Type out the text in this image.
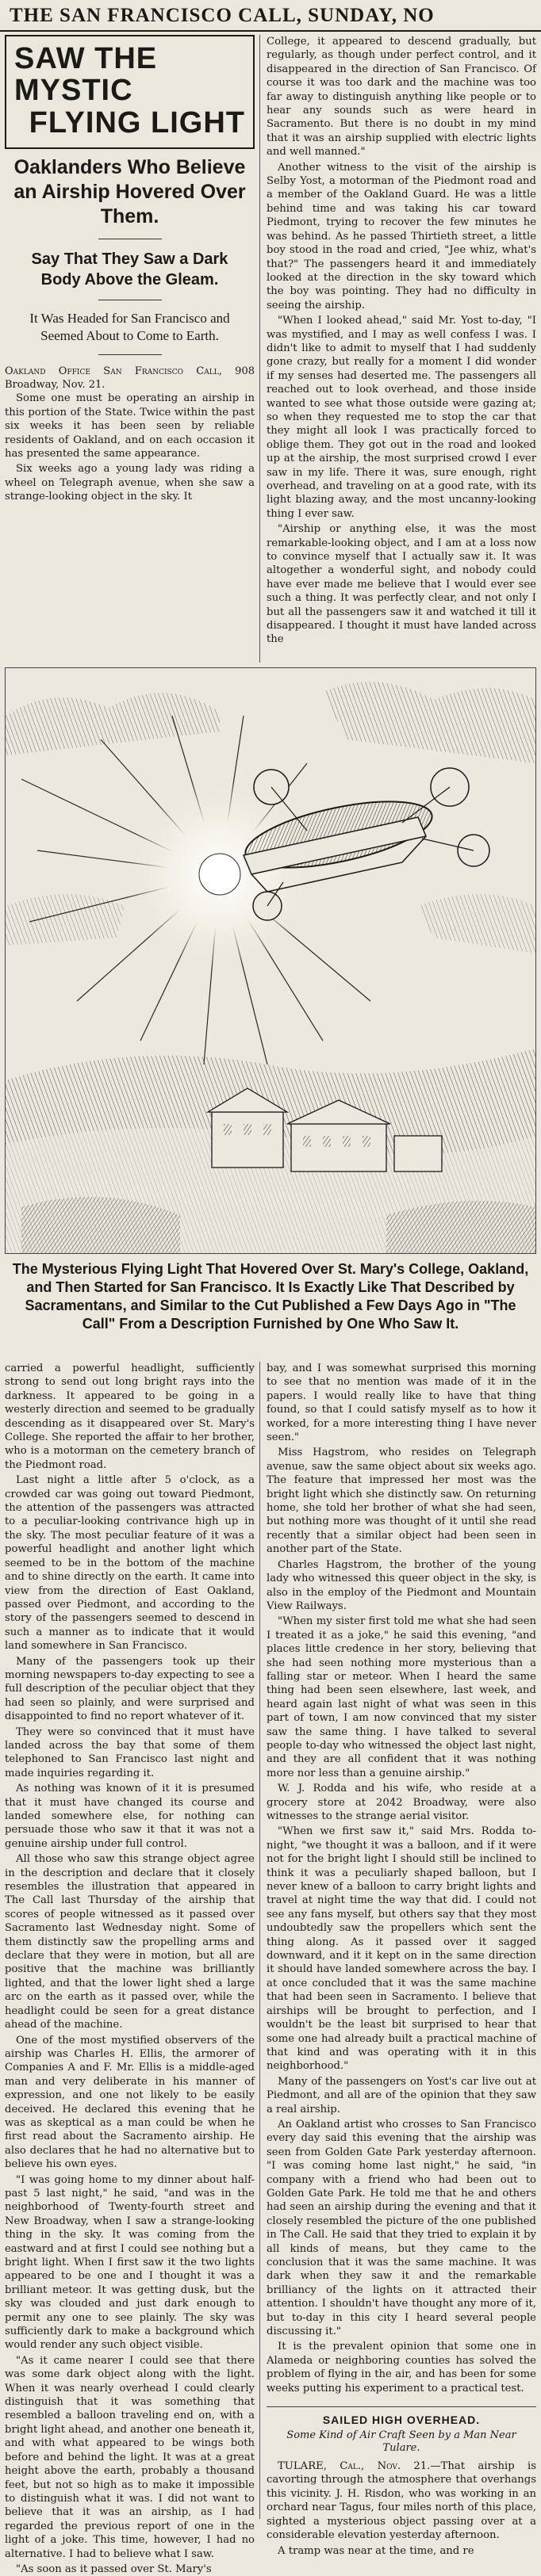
THE SAN FRANCISCO CALL, SUNDAY, NO
SAW THE MYSTIC
FLYING LIGHT
Oaklanders Who Believe an Airship Hovered Over Them.
Say That They Saw a Dark Body Above the Gleam.
It Was Headed for San Francisco and Seemed About to Come to Earth.

Oakland Office San Francisco Call, 908 Broadway, Nov. 21.

Some one must be operating an airship in this portion of the State. Twice within the past six weeks it has been seen by reliable residents of Oakland, and on each occasion it has presented the same appearance.

Six weeks ago a young lady was riding a wheel on Telegraph avenue, when she saw a strange-looking object in the sky. It

College, it appeared to descend gradually, but regularly, as though under perfect control, and it disappeared in the direction of San Francisco. Of course it was too dark and the machine was too far away to distinguish anything like people or to hear any sounds such as were heard in Sacramento. But there is no doubt in my mind that it was an airship supplied with electric lights and well manned."

Another witness to the visit of the airship is Selby Yost, a motorman of the Piedmont road and a member of the Oakland Guard. He was a little behind time and was taking his car toward Piedmont, trying to recover the few minutes he was behind. As he passed Thirtieth street, a little boy stood in the road and cried, "Jee whiz, what's that?" The passengers heard it and immediately looked at the direction in the sky toward which the boy was pointing. They had no difficulty in seeing the airship.

"When I looked ahead," said Mr. Yost to-day, "I was mystified, and I may as well confess I was. I didn't like to admit to myself that I had suddenly gone crazy, but really for a moment I did wonder if my senses had deserted me. The passengers all reached out to look overhead, and those inside wanted to see what those outside were gazing at; so when they requested me to stop the car that they might all look I was practically forced to oblige them. They got out in the road and looked up at the airship, the most surprised crowd I ever saw in my life. There it was, sure enough, right overhead, and traveling on at a good rate, with its light blazing away, and the most uncanny-looking thing I ever saw.

"Airship or anything else, it was the most remarkable-looking object, and I am at a loss now to convince myself that I actually saw it. It was altogether a wonderful sight, and nobody could have ever made me believe that I would ever see such a thing. It was perfectly clear, and not only I but all the passengers saw it and watched it till it disappeared. I thought it must have landed across the

The Mysterious Flying Light That Hovered Over St. Mary's College, Oakland, and Then Started for San Francisco. It Is Exactly Like That Described by Sacramentans, and Similar to the Cut Published a Few Days Ago in "The Call" From a Description Furnished by One Who Saw It.

carried a powerful headlight, sufficiently strong to send out long bright rays into the darkness. It appeared to be going in a westerly direction and seemed to be gradually descending as it disappeared over St. Mary's College. She reported the affair to her brother, who is a motorman on the cemetery branch of the Piedmont road.

Last night a little after 5 o'clock, as a crowded car was going out toward Piedmont, the attention of the passengers was attracted to a peculiar-looking contrivance high up in the sky. The most peculiar feature of it was a powerful headlight and another light which seemed to be in the bottom of the machine and to shine directly on the earth. It came into view from the direction of East Oakland, passed over Piedmont, and according to the story of the passengers seemed to descend in such a manner as to indicate that it would land somewhere in San Francisco.

Many of the passengers took up their morning newspapers to-day expecting to see a full description of the peculiar object that they had seen so plainly, and were surprised and disappointed to find no report whatever of it.

They were so convinced that it must have landed across the bay that some of them telephoned to San Francisco last night and made inquiries regarding it.

As nothing was known of it it is presumed that it must have changed its course and landed somewhere else, for nothing can persuade those who saw it that it was not a genuine airship under full control.

All those who saw this strange object agree in the description and declare that it closely resembles the illustration that appeared in The Call last Thursday of the airship that scores of people witnessed as it passed over Sacramento last Wednesday night. Some of them distinctly saw the propelling arms and declare that they were in motion, but all are positive that the machine was brilliantly lighted, and that the lower light shed a large arc on the earth as it passed over, while the headlight could be seen for a great distance ahead of the machine.

One of the most mystified observers of the airship was Charles H. Ellis, the armorer of Companies A and F. Mr. Ellis is a middle-aged man and very deliberate in his manner of expression, and one not likely to be easily deceived. He declared this evening that he was as skeptical as a man could be when he first read about the Sacramento airship. He also declares that he had no alternative but to believe his own eyes.

"I was going home to my dinner about half-past 5 last night," he said, "and was in the neighborhood of Twenty-fourth street and New Broadway, when I saw a strange-looking thing in the sky. It was coming from the eastward and at first I could see nothing but a bright light. When I first saw it the two lights appeared to be one and I thought it was a brilliant meteor. It was getting dusk, but the sky was clouded and just dark enough to permit any one to see plainly. The sky was sufficiently dark to make a background which would render any such object visible.

"As it came nearer I could see that there was some dark object along with the light. When it was nearly overhead I could clearly distinguish that it was something that resembled a balloon traveling end on, with a bright light ahead, and another one beneath it, and with what appeared to be wings both before and behind the light. It was at a great height above the earth, probably a thousand feet, but not so high as to make it impossible to distinguish what it was. I did not want to believe that it was an airship, as I had regarded the previous report of one in the light of a joke. This time, however, I had no alternative. I had to believe what I saw.

"As soon as it passed over St. Mary's

bay, and I was somewhat surprised this morning to see that no mention was made of it in the papers. I would really like to have that thing found, so that I could satisfy myself as to how it worked, for a more interesting thing I have never seen."

Miss Hagstrom, who resides on Telegraph avenue, saw the same object about six weeks ago. The feature that impressed her most was the bright light which she distinctly saw. On returning home, she told her brother of what she had seen, but nothing more was thought of it until she read recently that a similar object had been seen in another part of the State.

Charles Hagstrom, the brother of the young lady who witnessed this queer object in the sky, is also in the employ of the Piedmont and Mountain View Railways.

"When my sister first told me what she had seen I treated it as a joke," he said this evening, "and places little credence in her story, believing that she had seen nothing more mysterious than a falling star or meteor. When I heard the same thing had been seen elsewhere, last week, and heard again last night of what was seen in this part of town, I am now convinced that my sister saw the same thing. I have talked to several people to-day who witnessed the object last night, and they are all confident that it was nothing more nor less than a genuine airship."

W. J. Rodda and his wife, who reside at a grocery store at 2042 Broadway, were also witnesses to the strange aerial visitor.

"When we first saw it," said Mrs. Rodda to-night, "we thought it was a balloon, and if it were not for the bright light I should still be inclined to think it was a peculiarly shaped balloon, but I never knew of a balloon to carry bright lights and travel at night time the way that did. I could not see any fans myself, but others say that they most undoubtedly saw the propellers which sent the thing along. As it passed over it sagged downward, and it it kept on in the same direction it should have landed somewhere across the bay. I at once concluded that it was the same machine that had been seen in Sacramento. I believe that airships will be brought to perfection, and I wouldn't be the least bit surprised to hear that some one had already built a practical machine of that kind and was operating with it in this neighborhood."

Many of the passengers on Yost's car live out at Piedmont, and all are of the opinion that they saw a real airship.

An Oakland artist who crosses to San Francisco every day said this evening that the airship was seen from Golden Gate Park yesterday afternoon. "I was coming home last night," he said, "in company with a friend who had been out to Golden Gate Park. He told me that he and others had seen an airship during the evening and that it closely resembled the picture of the one published in The Call. He said that they tried to explain it by all kinds of means, but they came to the conclusion that it was the same machine. It was dark when they saw it and the remarkable brilliancy of the lights on it attracted their attention. I shouldn't have thought any more of it, but to-day in this city I heard several people discussing it."

It is the prevalent opinion that some one in Alameda or neighboring counties has solved the problem of flying in the air, and has been for some weeks putting his experiment to a practical test.

SAILED HIGH OVERHEAD.
Some Kind of Air Craft Seen by a Man Near Tulare.

TULARE, Cal., Nov. 21.—That airship is cavorting through the atmosphere that overhangs this vicinity. J. H. Risdon, who was working in an orchard near Tagus, four miles north of this place, sighted a mysterious object passing over at a considerable elevation yesterday afternoon.

A tramp was near at the time, and re
